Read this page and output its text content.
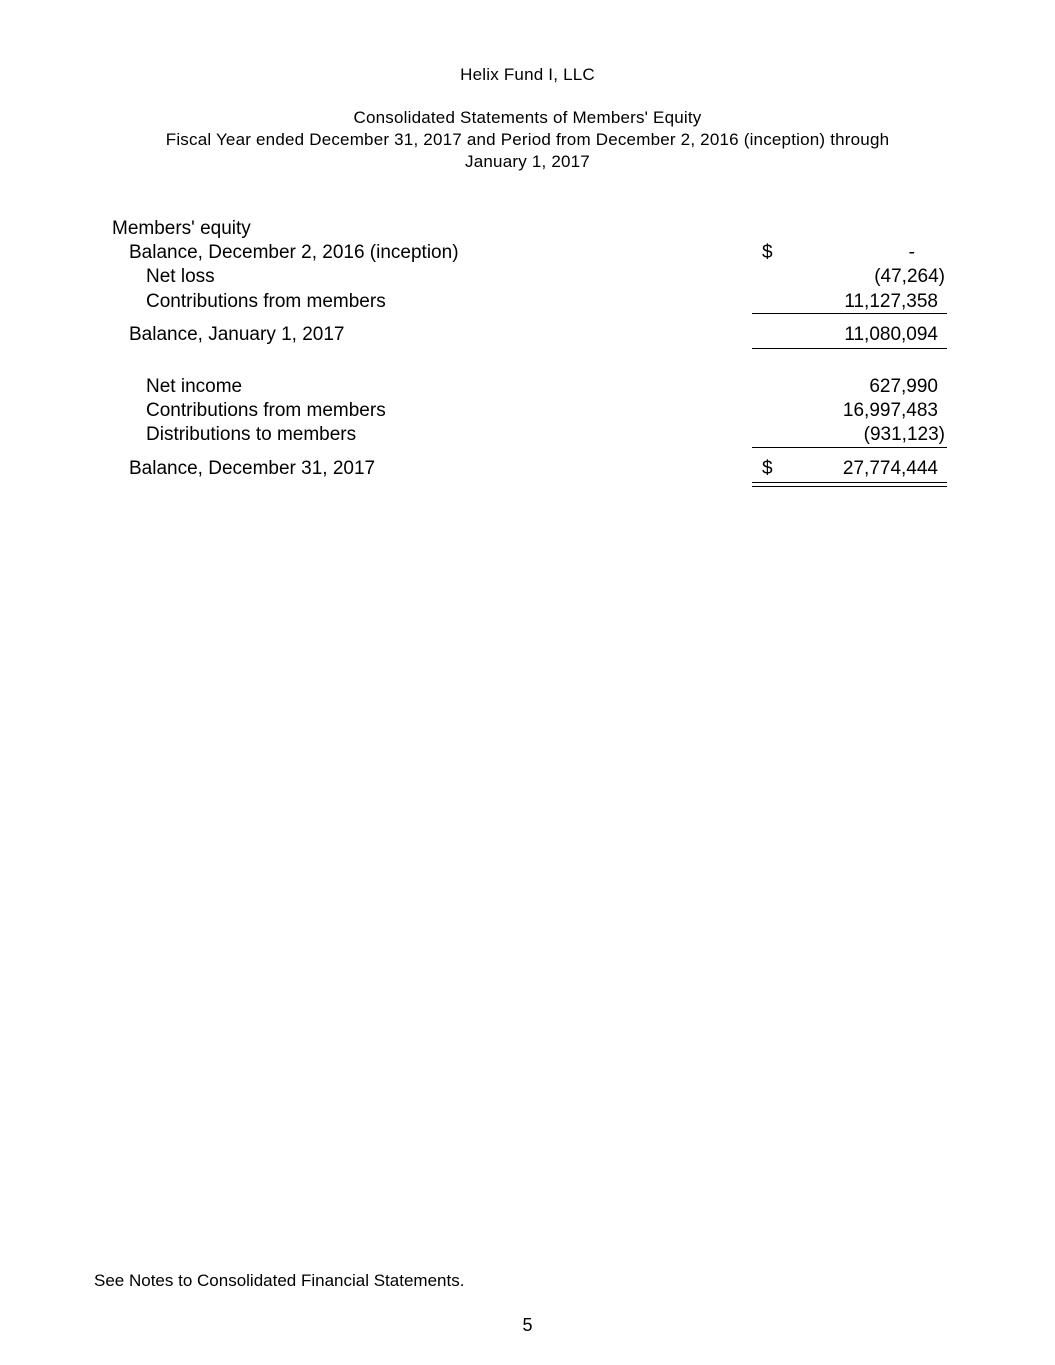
Helix Fund I, LLC
Consolidated Statements of Members' Equity
Fiscal Year ended December 31, 2017 and Period from December 2, 2016 (inception) through
January 1, 2017
Members' equity
Balance, December 2, 2016 (inception)	$	-
Net loss	(47,264)
Contributions from members	11,127,358
Balance, January 1, 2017	11,080,094
Net income	627,990
Contributions from members	16,997,483
Distributions to members	(931,123)
Balance, December 31, 2017	$	27,774,444
See Notes to Consolidated Financial Statements.
5
